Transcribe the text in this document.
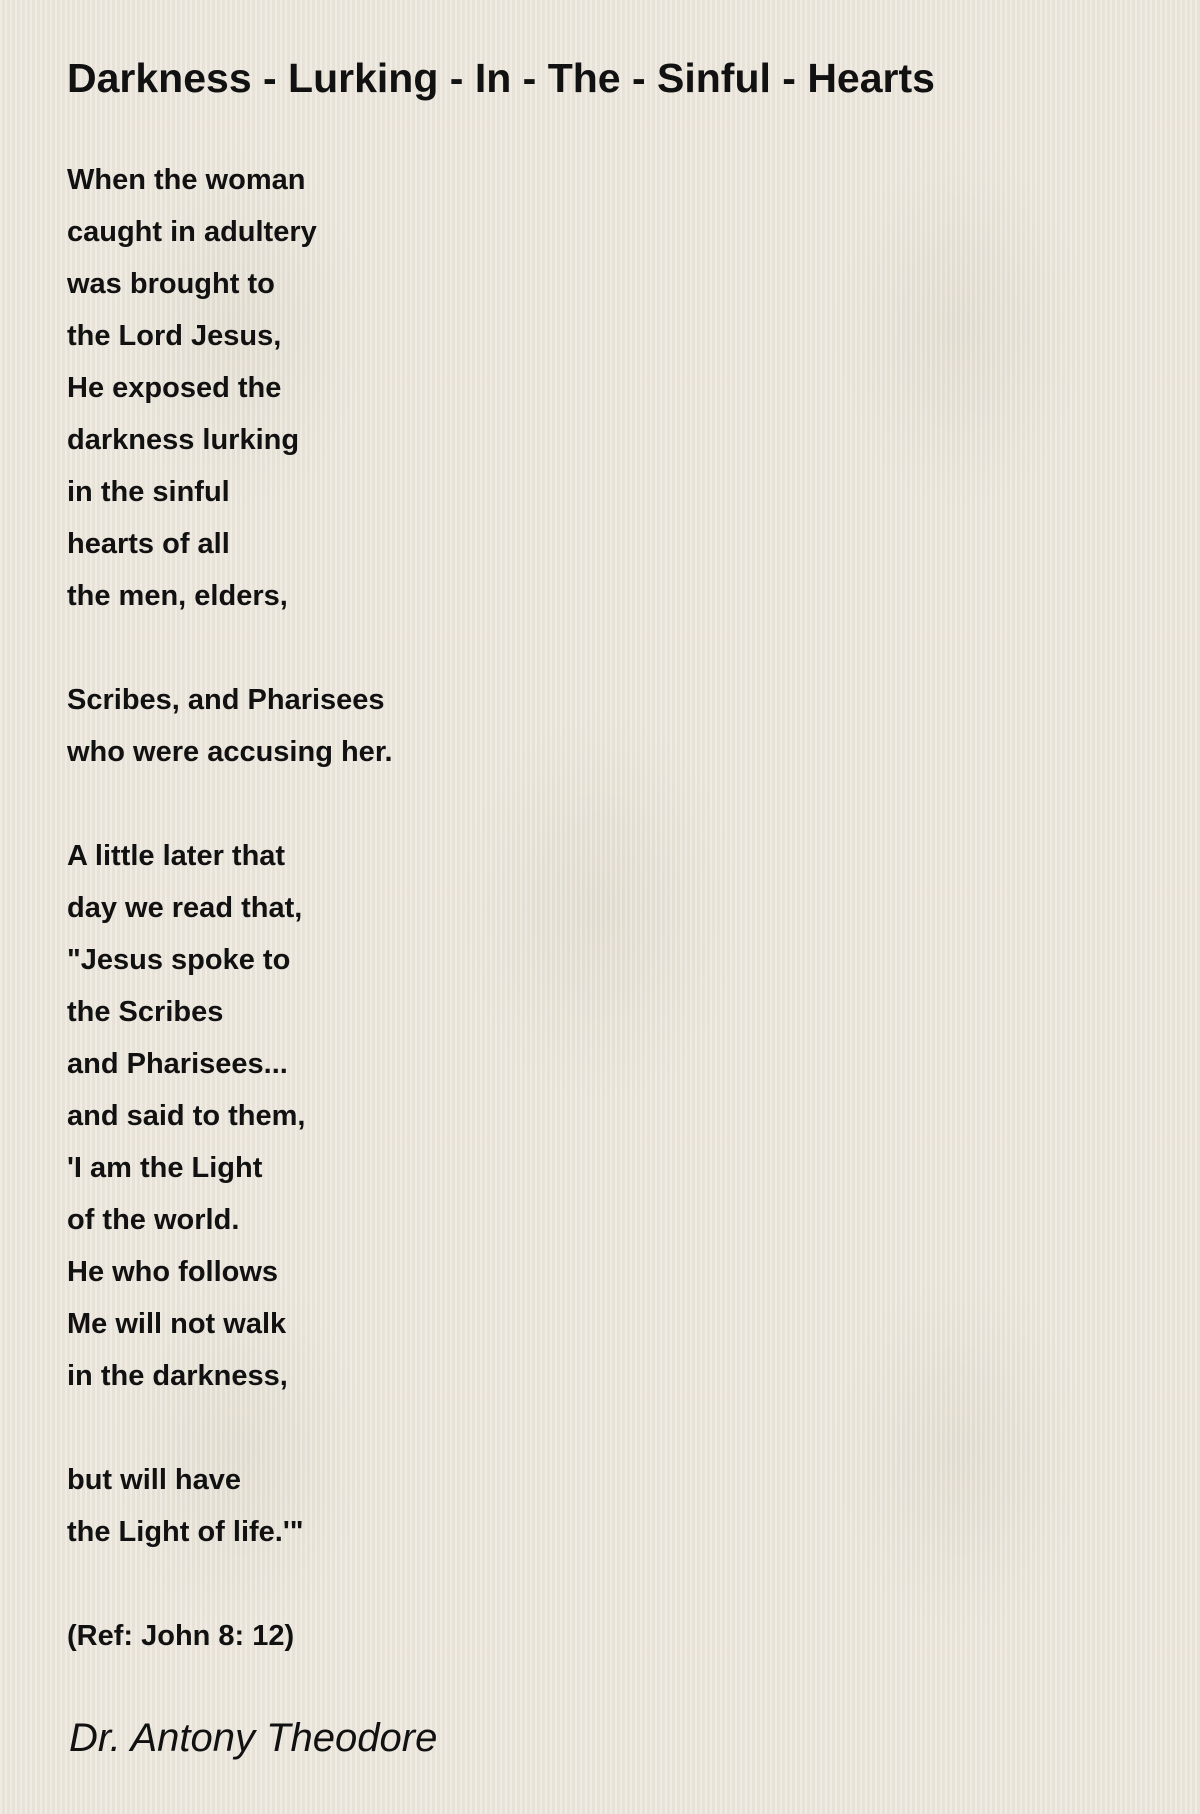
Darkness - Lurking - In - The - Sinful - Hearts
When the woman
caught in adultery
was brought to
the Lord Jesus,
He exposed the
darkness lurking
in the sinful
hearts of all
the men, elders,
Scribes, and Pharisees
who were accusing her.
A little later that
day we read that,
"Jesus spoke to
the Scribes
and Pharisees...
and said to them,
'I am the Light
of the world.
He who follows
Me will not walk
in the darkness,
but will have
the Light of life.'"
(Ref: John 8: 12)
Dr. Antony Theodore
